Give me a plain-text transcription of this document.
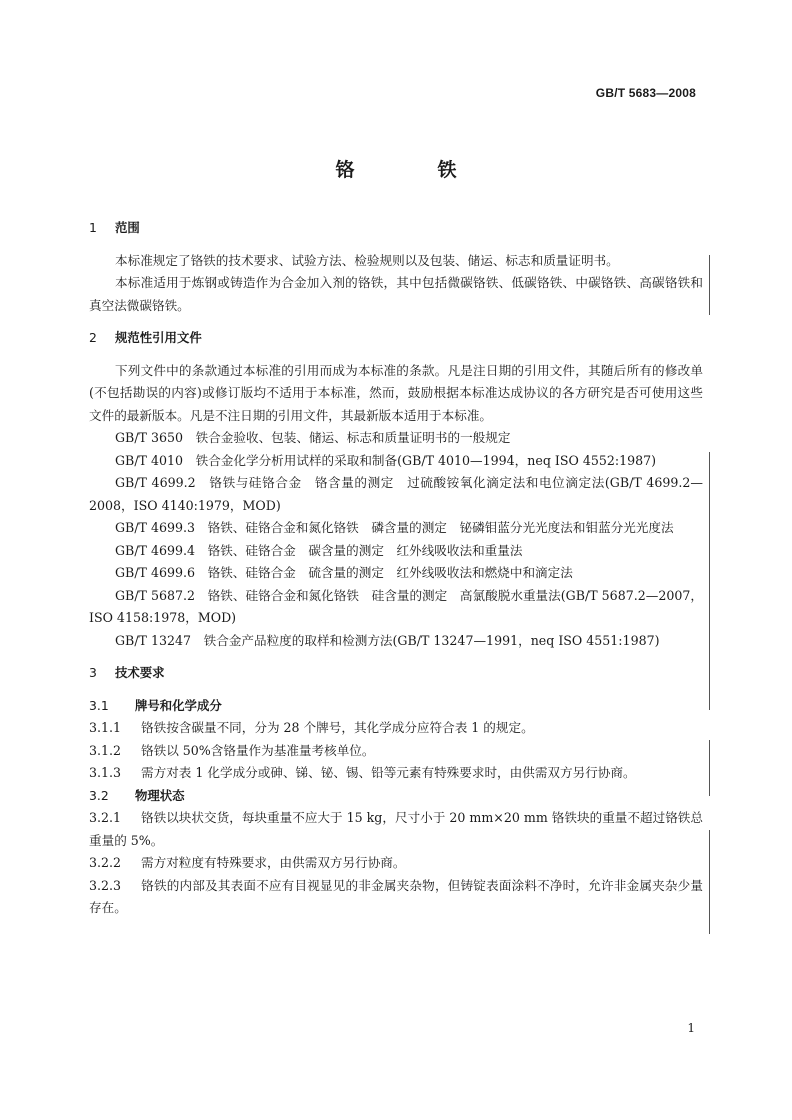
GB/T 5683—2008
铬　铁

1 范围

本标准规定了铬铁的技术要求、试验方法、检验规则以及包装、储运、标志和质量证明书。

本标准适用于炼钢或铸造作为合金加入剂的铬铁，其中包括微碳铬铁、低碳铬铁、中碳铬铁、高碳铬铁和真空法微碳铬铁。

2 规范性引用文件

下列文件中的条款通过本标准的引用而成为本标准的条款。凡是注日期的引用文件，其随后所有的修改单(不包括勘误的内容)或修订版均不适用于本标准，然而，鼓励根据本标准达成协议的各方研究是否可使用这些文件的最新版本。凡是不注日期的引用文件，其最新版本适用于本标准。

GB/T 3650　铁合金验收、包装、储运、标志和质量证明书的一般规定

GB/T 4010　铁合金化学分析用试样的采取和制备(GB/T 4010—1994，neq ISO 4552:1987)

GB/T 4699.2　铬铁与硅铬合金　铬含量的测定　过硫酸铵氧化滴定法和电位滴定法(GB/T 4699.2—2008，ISO 4140:1979，MOD)

GB/T 4699.3　铬铁、硅铬合金和氮化铬铁　磷含量的测定　铋磷钼蓝分光光度法和钼蓝分光光度法

GB/T 4699.4　铬铁、硅铬合金　碳含量的测定　红外线吸收法和重量法

GB/T 4699.6　铬铁、硅铬合金　硫含量的测定　红外线吸收法和燃烧中和滴定法

GB/T 5687.2　铬铁、硅铬合金和氮化铬铁　硅含量的测定　高氯酸脱水重量法(GB/T 5687.2—2007，ISO 4158:1978，MOD)

GB/T 13247　铁合金产品粒度的取样和检测方法(GB/T 13247—1991，neq ISO 4551:1987)

3 技术要求

3.1 牌号和化学成分

3.1.1 铬铁按含碳量不同，分为 28 个牌号，其化学成分应符合表 1 的规定。

3.1.2 铬铁以 50%含铬量作为基准量考核单位。

3.1.3 需方对表 1 化学成分或砷、锑、铋、锡、铅等元素有特殊要求时，由供需双方另行协商。

3.2 物理状态

3.2.1 铬铁以块状交货，每块重量不应大于 15 kg，尺寸小于 20 mm×20 mm 铬铁块的重量不超过铬铁总重量的 5%。

3.2.2 需方对粒度有特殊要求，由供需双方另行协商。

3.2.3 铬铁的内部及其表面不应有目视显见的非金属夹杂物，但铸锭表面涂料不净时，允许非金属夹杂少量存在。

1
